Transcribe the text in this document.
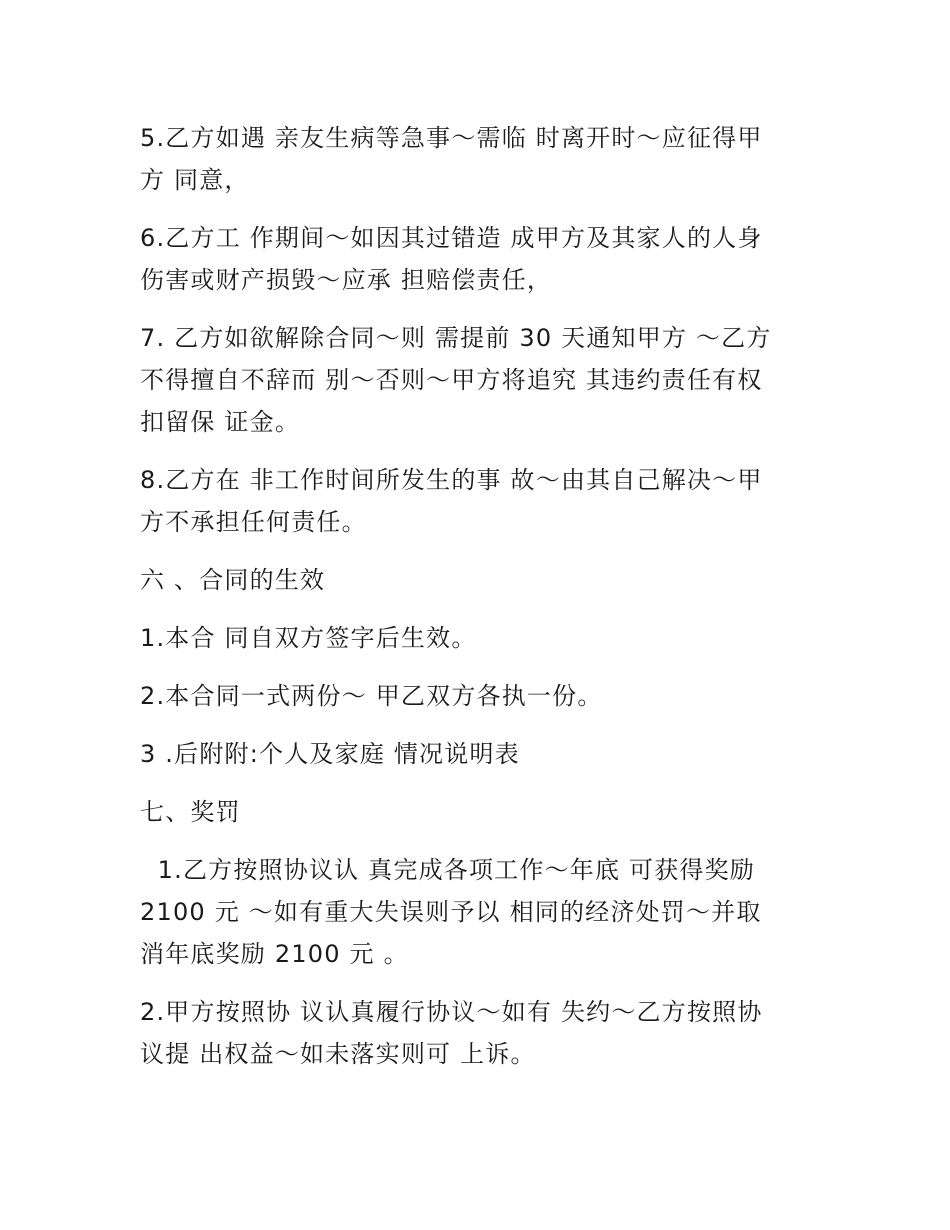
5.乙方如遇 亲友生病等急事～需临 时离开时～应征得甲
方 同意，

6.乙方工 作期间～如因其过错造 成甲方及其家人的人身
伤害或财产损毁～应承 担赔偿责任，

7. 乙方如欲解除合同～则 需提前 30 天通知甲方 ～乙方
不得擅自不辞而 别～否则～甲方将追究 其违约责任有权
扣留保 证金。

8.乙方在 非工作时间所发生的事 故～由其自己解决～甲
方不承担任何责任。

六 、合同的生效

1.本合 同自双方签字后生效。

2.本合同一式两份～ 甲乙双方各执一份。

3 .后附附:个人及家庭 情况说明表

七、奖罚

1.乙方按照协议认 真完成各项工作～年底 可获得奖励
2100 元 ～如有重大失误则予以 相同的经济处罚～并取
消年底奖励 2100 元 。

2.甲方按照协 议认真履行协议～如有 失约～乙方按照协
议提 出权益～如未落实则可 上诉。
